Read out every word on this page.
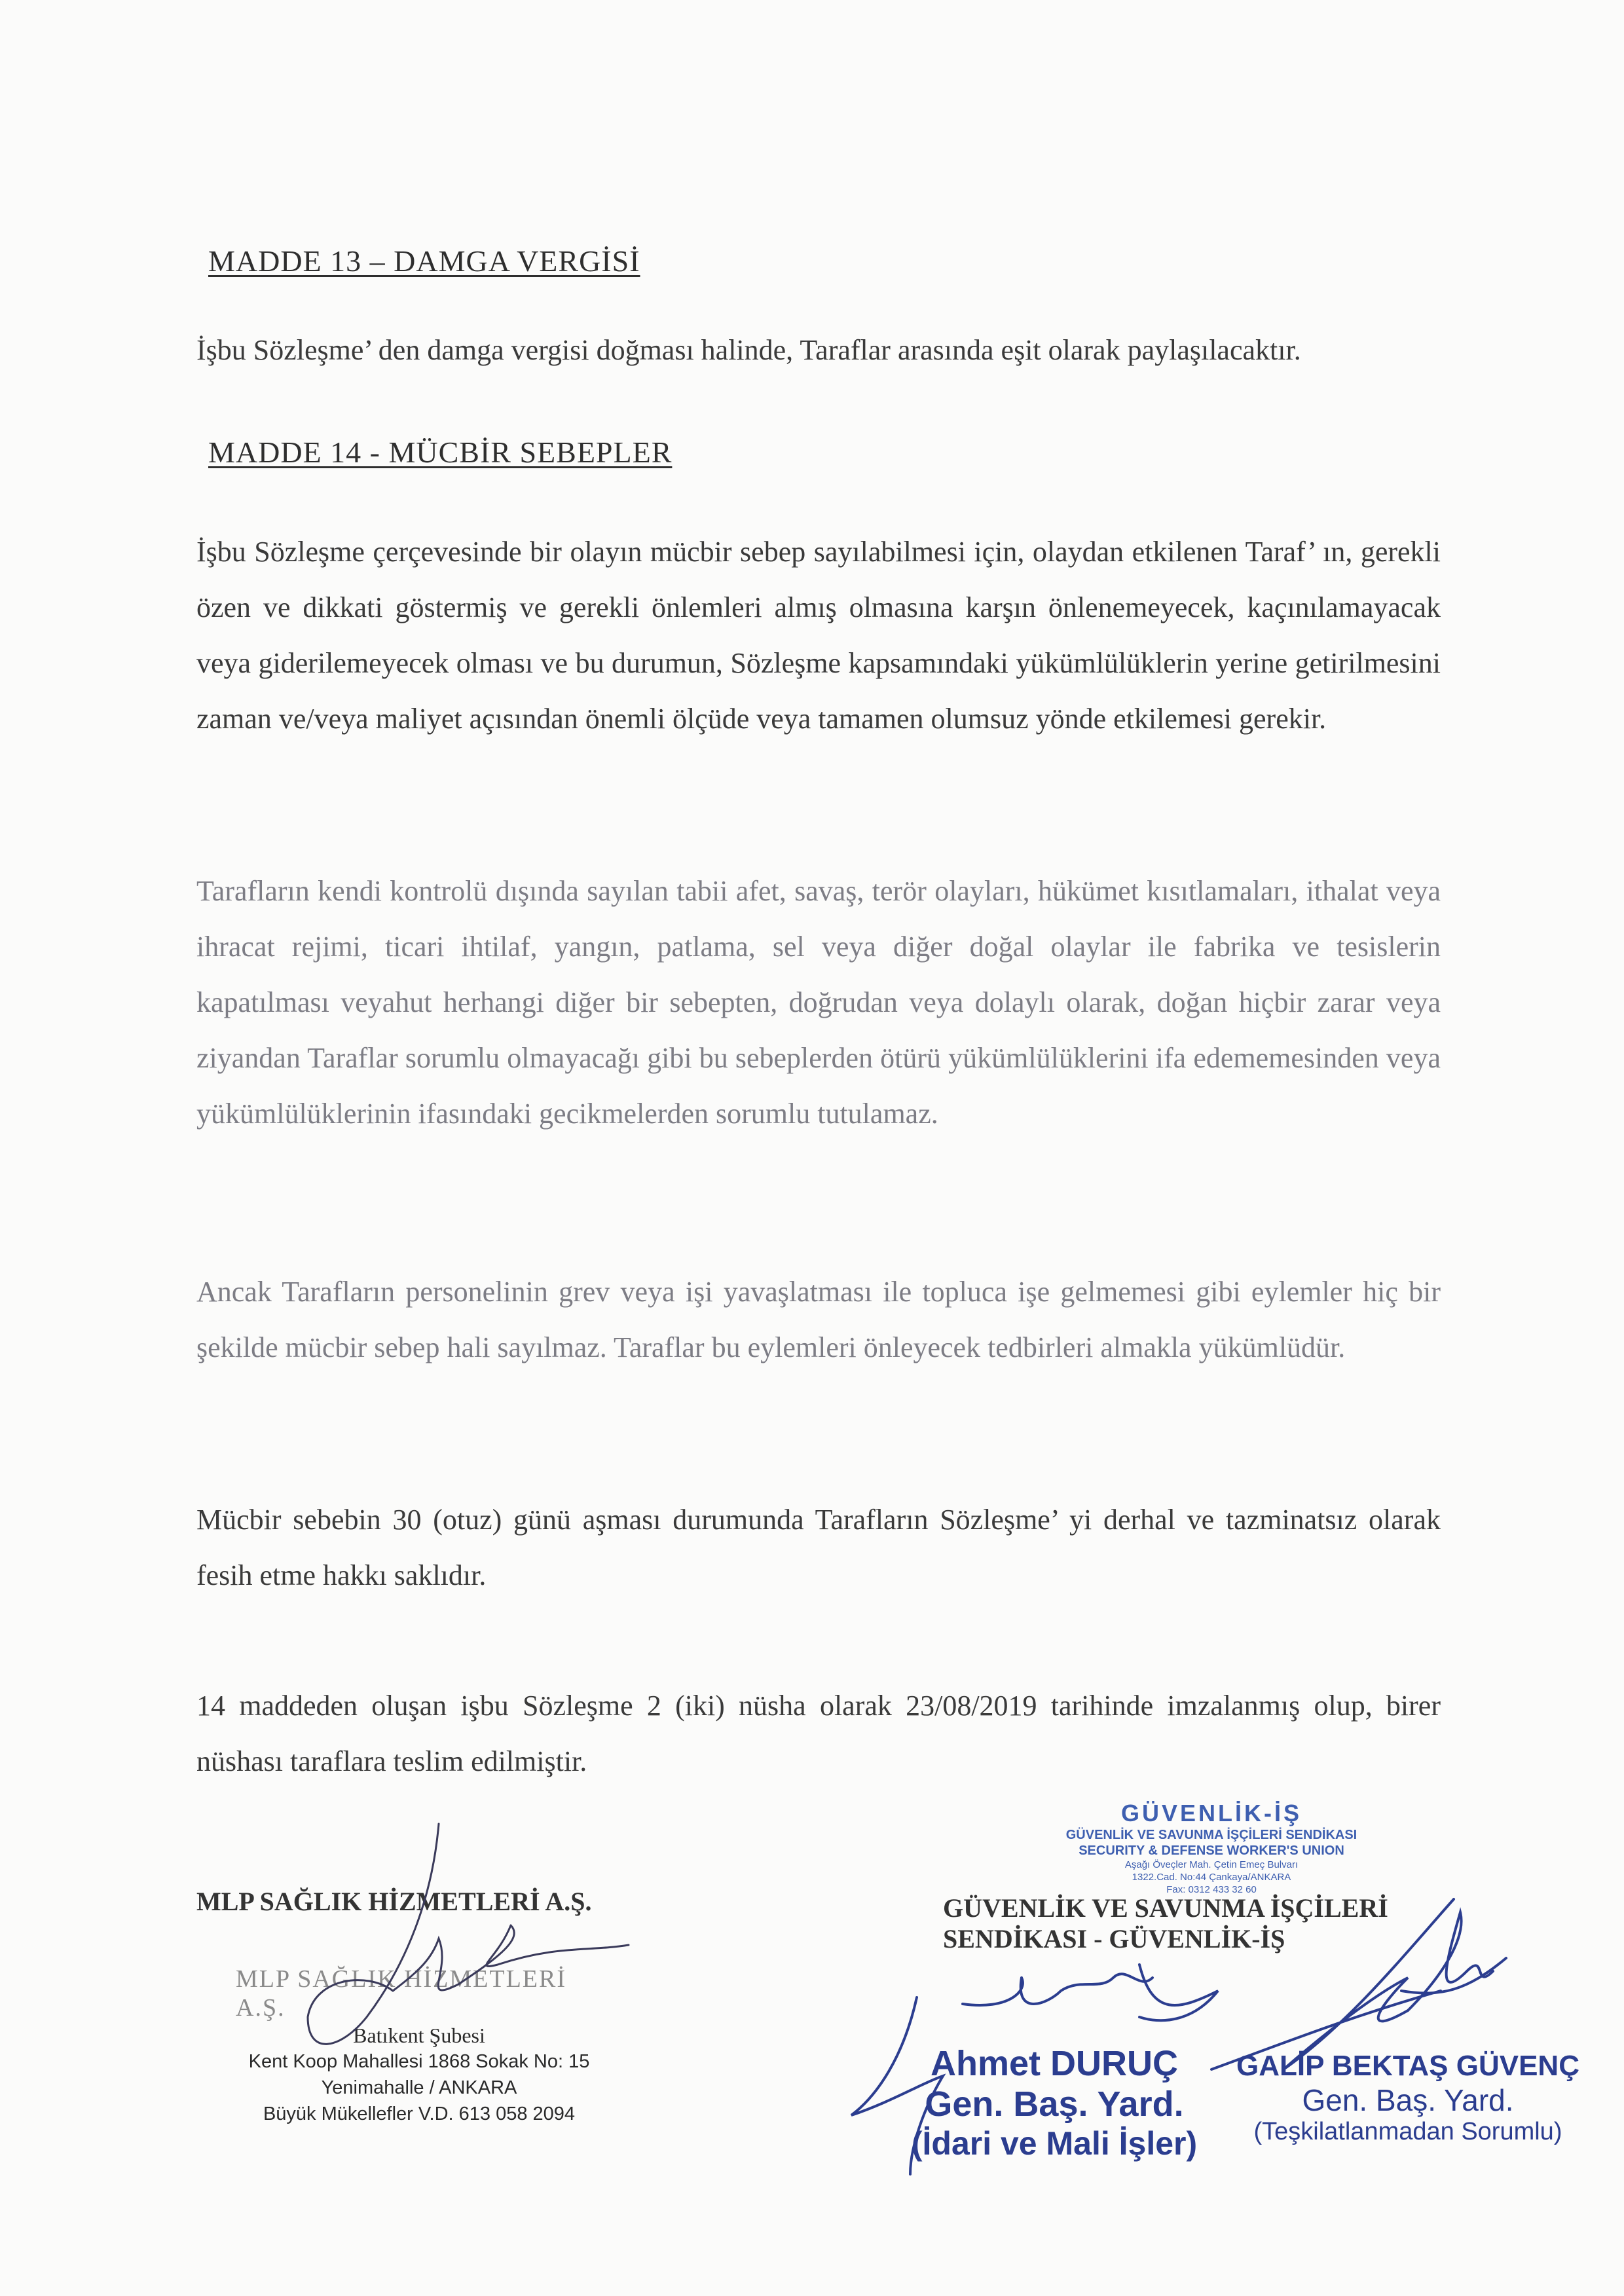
MADDE 13 – DAMGA VERGİSİ

İşbu Sözleşme’ den damga vergisi doğması halinde, Taraflar arasında eşit olarak paylaşılacaktır.

MADDE 14 - MÜCBİR SEBEPLER

İşbu Sözleşme çerçevesinde bir olayın mücbir sebep sayılabilmesi için, olaydan etkilenen Taraf’ ın, gerekli özen ve dikkati göstermiş ve gerekli önlemleri almış olmasına karşın önlenemeyecek, kaçınılamayacak veya giderilemeyecek olması ve bu durumun, Sözleşme kapsamındaki yükümlülüklerin yerine getirilmesini zaman ve/veya maliyet açısından önemli ölçüde veya tamamen olumsuz yönde etkilemesi gerekir.

Tarafların kendi kontrolü dışında sayılan tabii afet, savaş, terör olayları, hükümet kısıtlamaları, ithalat veya ihracat rejimi, ticari ihtilaf, yangın, patlama, sel veya diğer doğal olaylar ile fabrika ve tesislerin kapatılması veyahut herhangi diğer bir sebepten, doğrudan veya dolaylı olarak, doğan hiçbir zarar veya ziyandan Taraflar sorumlu olmayacağı gibi bu sebeplerden ötürü yükümlülüklerini ifa edememesinden veya yükümlülüklerinin ifasındaki gecikmelerden sorumlu tutulamaz.

Ancak Tarafların personelinin grev veya işi yavaşlatması ile topluca işe gelmemesi gibi eylemler hiç bir şekilde mücbir sebep hali sayılmaz. Taraflar bu eylemleri önleyecek tedbirleri almakla yükümlüdür.

Mücbir sebebin 30 (otuz) günü aşması durumunda Tarafların Sözleşme’ yi derhal ve tazminatsız olarak fesih etme hakkı saklıdır.

14 maddeden oluşan işbu Sözleşme 2 (iki) nüsha olarak 23/08/2019 tarihinde imzalanmış olup, birer nüshası taraflara teslim edilmiştir.

MLP SAĞLIK HİZMETLERİ A.Ş.	GÜVENLİK VE SAVUNMA İŞÇİLERİ

SENDİKASI - GÜVENLİK-İŞ

MLP SAĞLIK HİZMETLERİ A.Ş.
Batıkent Şubesi
Kent Koop Mahallesi 1868 Sokak No: 15
Yenimahalle / ANKARA
Büyük Mükellefler V.D. 613 058 2094
GÜVENLİK-İŞ
GÜVENLİK VE SAVUNMA İŞÇİLERİ SENDİKASI
SECURITY & DEFENSE WORKER'S UNION
Aşağı Öveçler Mah. Çetin Emeç Bulvarı
1322.Cad. No:44 Çankaya/ANKARA
Fax: 0312 433 32 60
Ahmet DURUÇ
Gen. Baş. Yard.
(İdari ve Mali İşler)
GALİP BEKTAŞ GÜVENÇ
Gen. Baş. Yard.
(Teşkilatlanmadan Sorumlu)
